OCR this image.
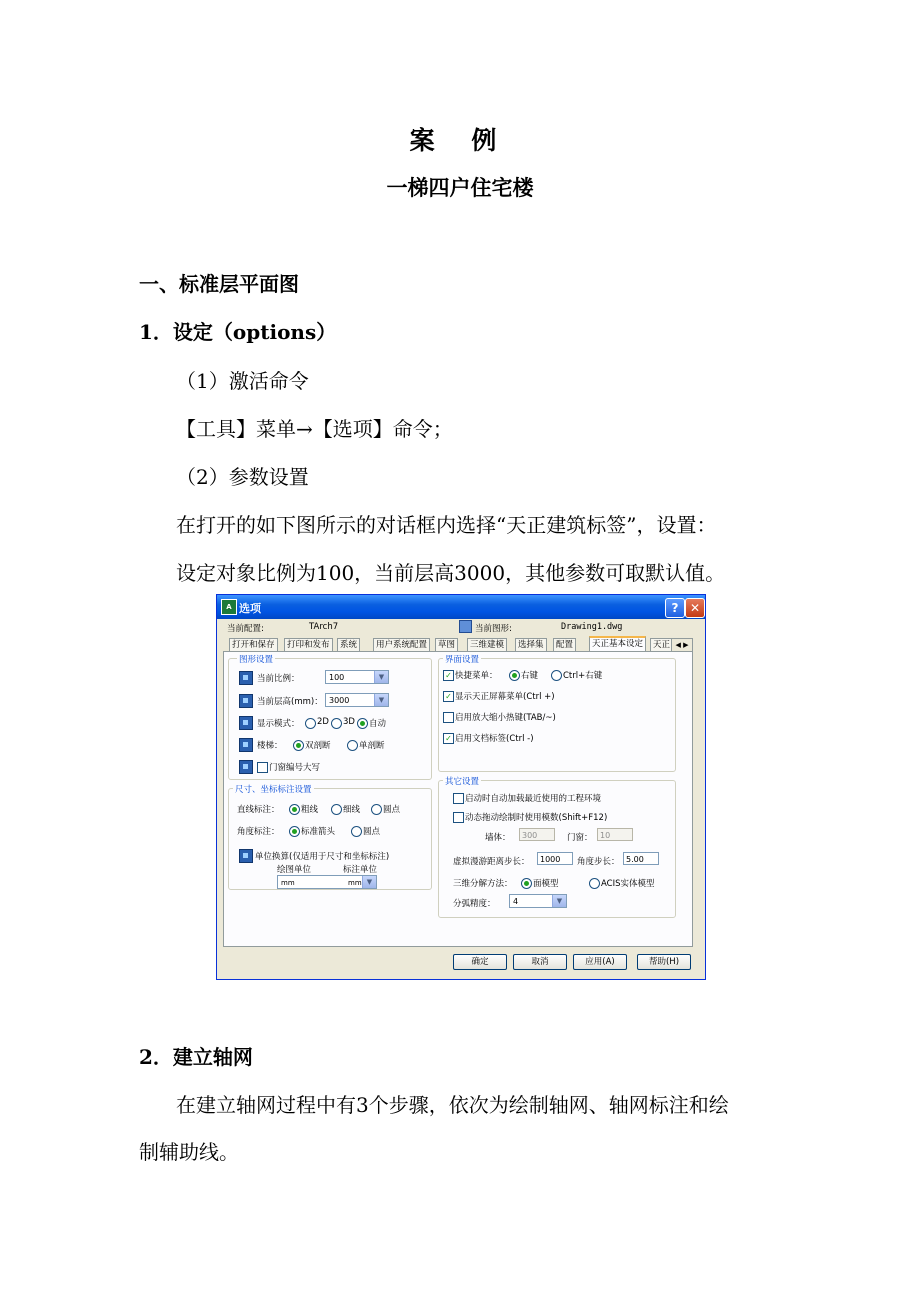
案 例
一梯四户住宅楼
一、标准层平面图
1．设定（options）
（1）激活命令
【工具】菜单→【选项】命令；
（2）参数设置
在打开的如下图所示的对话框内选择“天正建筑标签”，设置：
设定对象比例为100，当前层高3000，其他参数可取默认值。
A 选项	? ✕
当前配置:	TArch7	当前图形:	Drawing1.dwg
打开和保存	打印和发布	系统	用户系统配置	草图	三维建模	选择集	配置	天正基本设定	天正 ◀ ▶
图形设置
当前比例：	100	▼
当前层高(mm)： 3000	▼
显示模式： 2D 3D 自动
楼梯：	双剖断	单剖断
门窗编号大写
尺寸、坐标标注设置
直线标注：	粗线	细线	圆点
角度标注：	标准箭头	圆点
单位换算(仅适用于尺寸和坐标标注)
绘图单位	标注单位
mm	mm ▼
界面设置
✓ 快捷菜单：	右键	Ctrl+右键
✓ 显示天正屏幕菜单(Ctrl +)
启用放大缩小热键(TAB/~)
✓ 启用文档标签(Ctrl -)
其它设置
启动时自动加载最近使用的工程环境
动态拖动绘制时使用模数(Shift+F12)
墙体：	300	门窗： 10
虚拟漫游距离步长：	1000	角度步长： 5.00
三维分解方法： 面模型	ACIS实体模型
分弧精度：	4	▼
确定	取消	应用(A)	帮助(H)
2．建立轴网
在建立轴网过程中有3个步骤，依次为绘制轴网、轴网标注和绘
制辅助线。
